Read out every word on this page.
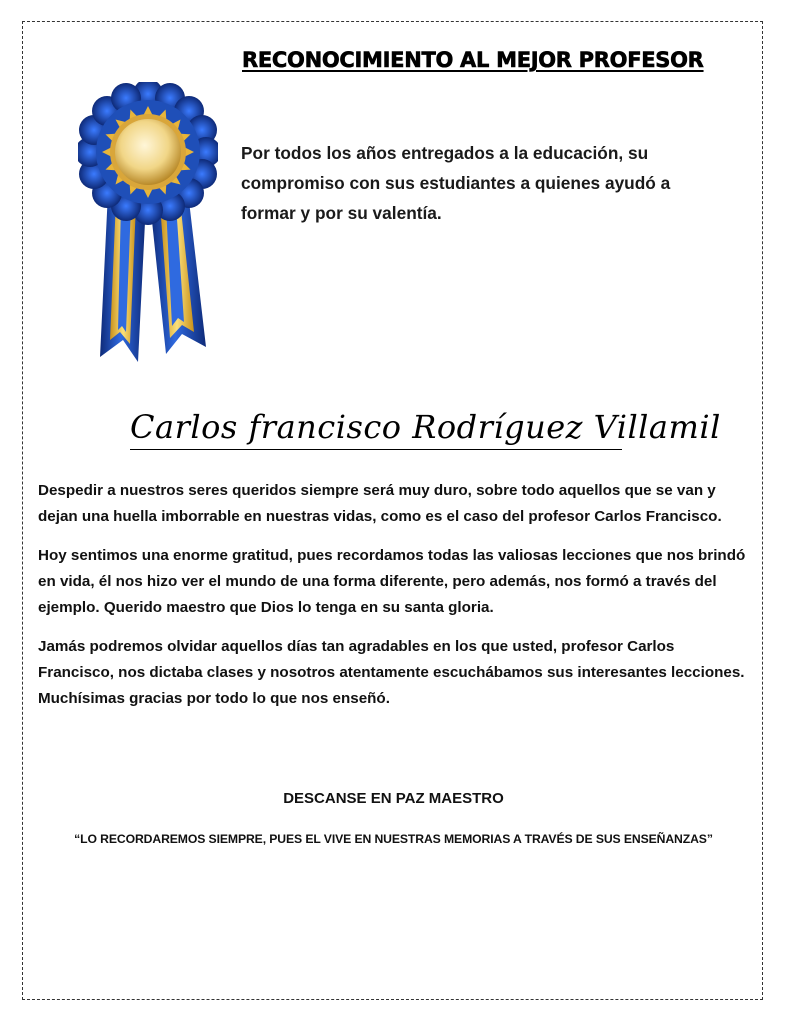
RECONOCIMIENTO AL MEJOR PROFESOR
Por todos los años entregados a la educación, su compromiso con sus estudiantes a quienes ayudó a formar y por su valentía.
Carlos francisco Rodríguez Villamil

Despedir a nuestros seres queridos siempre será muy duro, sobre todo aquellos que se van y dejan una huella imborrable en nuestras vidas, como es el caso del profesor Carlos Francisco.

Hoy sentimos una enorme gratitud, pues recordamos todas las valiosas lecciones que nos brindó en vida, él nos hizo ver el mundo de una forma diferente, pero además, nos formó a través del ejemplo. Querido maestro que Dios lo tenga en su santa gloria.

Jamás podremos olvidar aquellos días tan agradables en los que usted, profesor Carlos Francisco, nos dictaba clases y nosotros atentamente escuchábamos sus interesantes lecciones. Muchísimas gracias por todo lo que nos enseñó.

DESCANSE EN PAZ MAESTRO
“LO RECORDAREMOS SIEMPRE, PUES EL VIVE EN NUESTRAS MEMORIAS A TRAVÉS DE SUS ENSEÑANZAS”
